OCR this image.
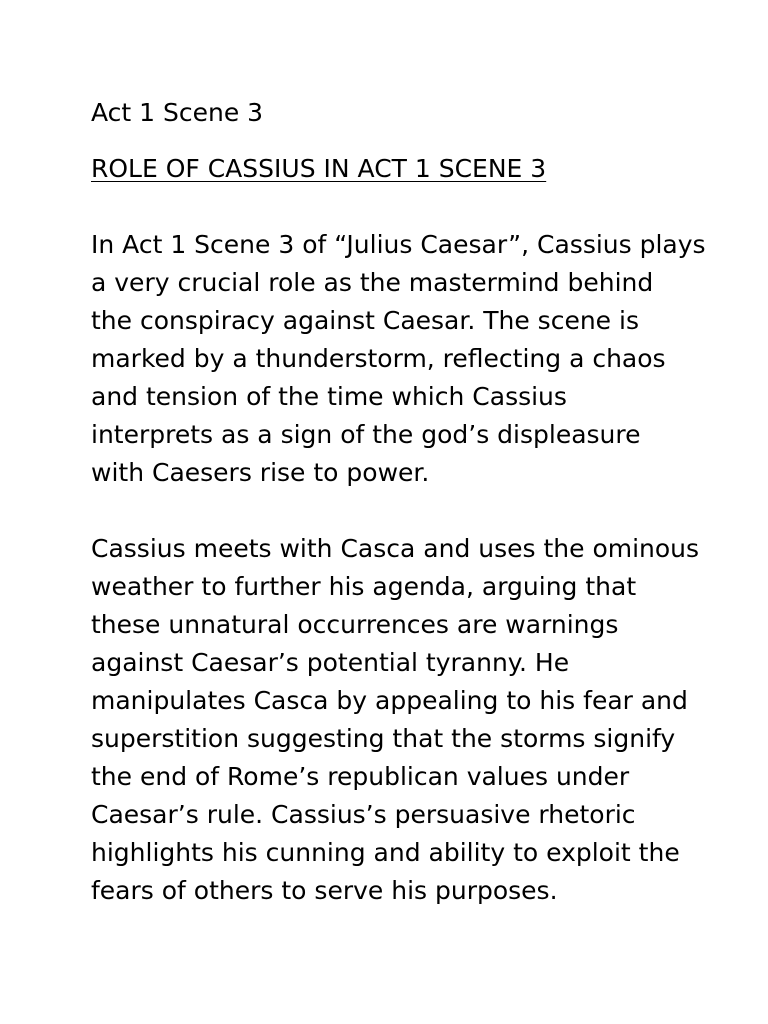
Act 1 Scene 3

ROLE OF CASSIUS IN ACT 1 SCENE 3

In Act 1 Scene 3 of “Julius Caesar”, Cassius plays
a very crucial role as the mastermind behind
the conspiracy against Caesar. The scene is
marked by a thunderstorm, reflecting a chaos
and tension of the time which Cassius
interprets as a sign of the god’s displeasure
with Caesers rise to power.

Cassius meets with Casca and uses the ominous
weather to further his agenda, arguing that
these unnatural occurrences are warnings
against Caesar’s potential tyranny. He
manipulates Casca by appealing to his fear and
superstition suggesting that the storms signify
the end of Rome’s republican values under
Caesar’s rule. Cassius’s persuasive rhetoric
highlights his cunning and ability to exploit the
fears of others to serve his purposes.
